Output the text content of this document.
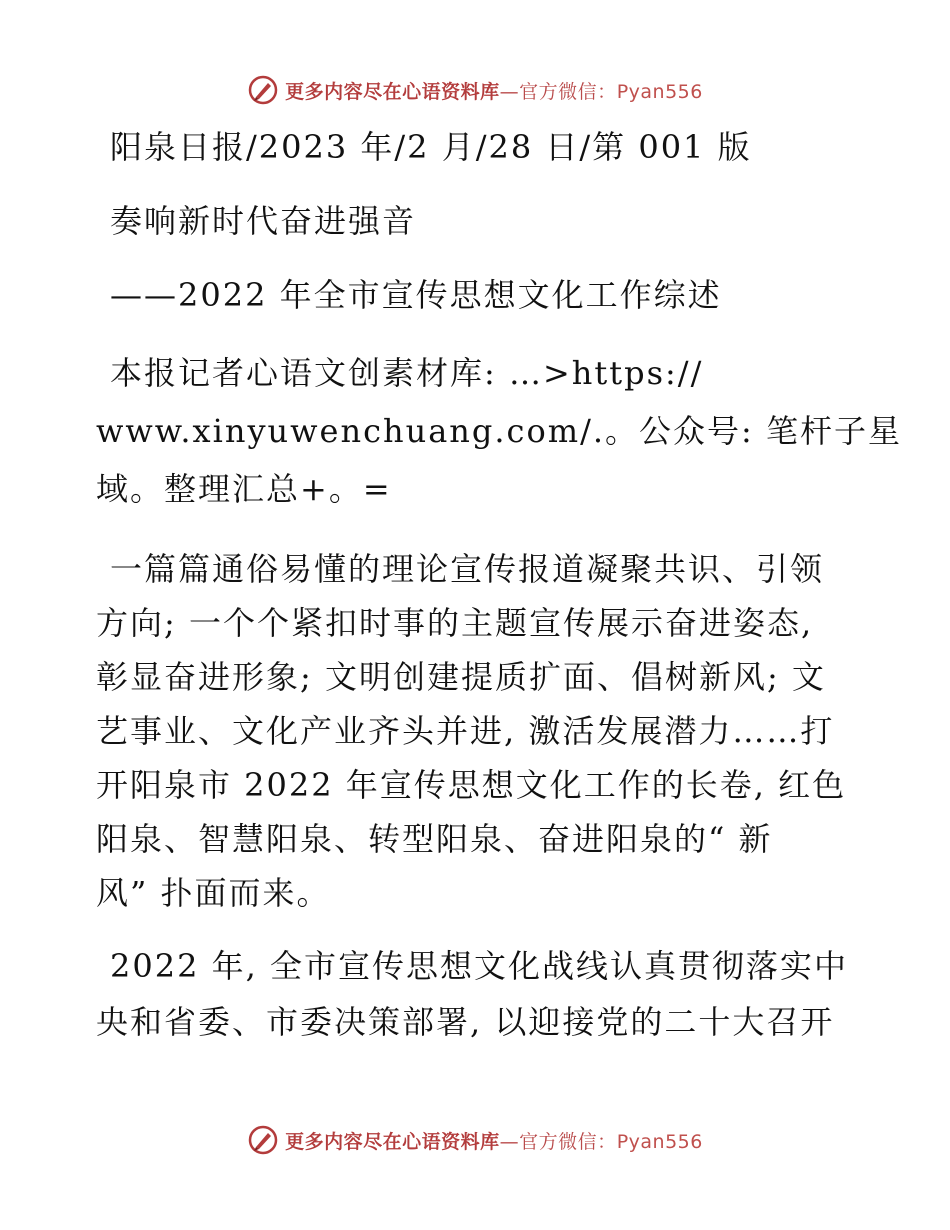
更多内容尽在心语资料库—官方微信：Pyan556
阳泉日报/2023 年/2 月/28 日/第 001 版
奏响新时代奋进强音
——2022 年全市宣传思想文化工作综述
本报记者心语文创素材库: …>https://
www.xinyuwenchuang.com/.。公众号: 笔杆子星
域。整理汇总+。=
一篇篇通俗易懂的理论宣传报道凝聚共识、引领
方向; 一个个紧扣时事的主题宣传展示奋进姿态,
彰显奋进形象; 文明创建提质扩面、倡树新风; 文
艺事业、文化产业齐头并进, 激活发展潜力……打
开阳泉市 2022 年宣传思想文化工作的长卷, 红色
阳泉、智慧阳泉、转型阳泉、奋进阳泉的“ 新
风” 扑面而来。
2022 年, 全市宣传思想文化战线认真贯彻落实中
央和省委、市委决策部署, 以迎接党的二十大召开
更多内容尽在心语资料库—官方微信：Pyan556
